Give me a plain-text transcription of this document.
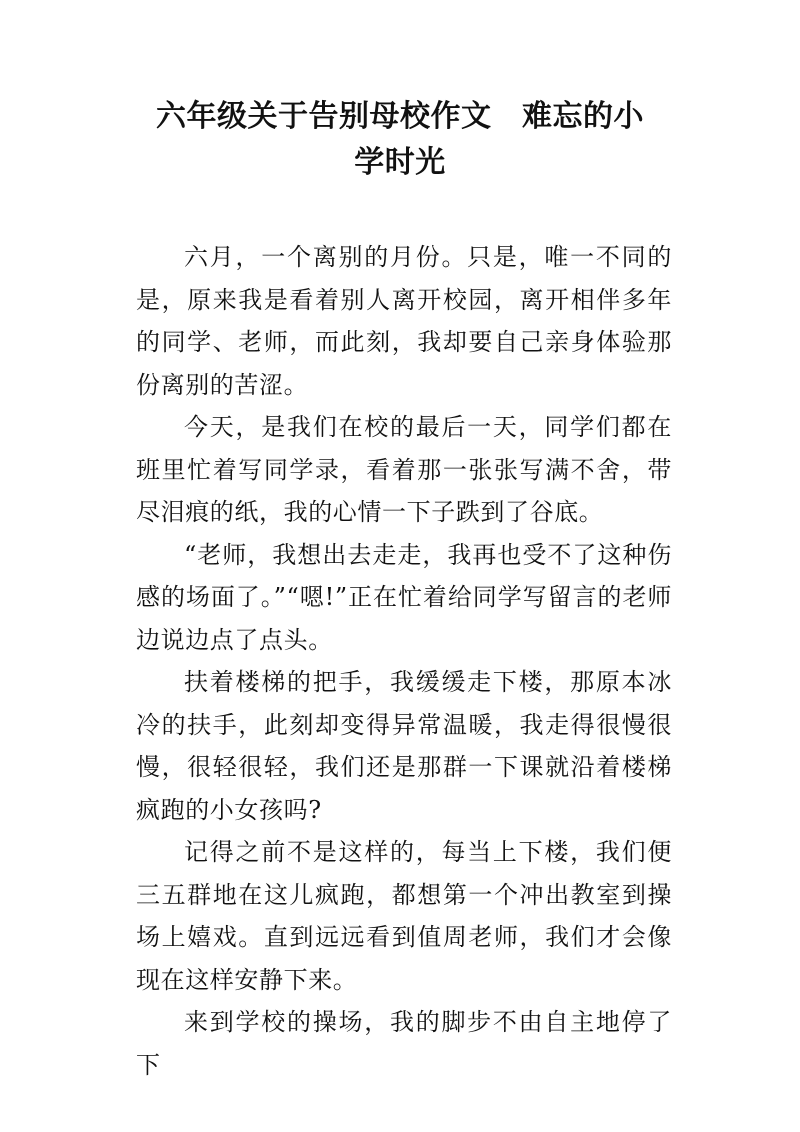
六年级关于告别母校作文　难忘的小
学时光

六月，一个离别的月份。只是，唯一不同的是，原来我是看着别人离开校园，离开相伴多年的同学、老师，而此刻，我却要自己亲身体验那份离别的苦涩。

今天，是我们在校的最后一天，同学们都在班里忙着写同学录，看着那一张张写满不舍，带尽泪痕的纸，我的心情一下子跌到了谷底。

“老师，我想出去走走，我再也受不了这种伤感的场面了。”“嗯!”正在忙着给同学写留言的老师边说边点了点头。

扶着楼梯的把手，我缓缓走下楼，那原本冰冷的扶手，此刻却变得异常温暖，我走得很慢很慢，很轻很轻，我们还是那群一下课就沿着楼梯疯跑的小女孩吗?

记得之前不是这样的，每当上下楼，我们便三五群地在这儿疯跑，都想第一个冲出教室到操场上嬉戏。直到远远看到值周老师，我们才会像现在这样安静下来。

来到学校的操场，我的脚步不由自主地停了下
